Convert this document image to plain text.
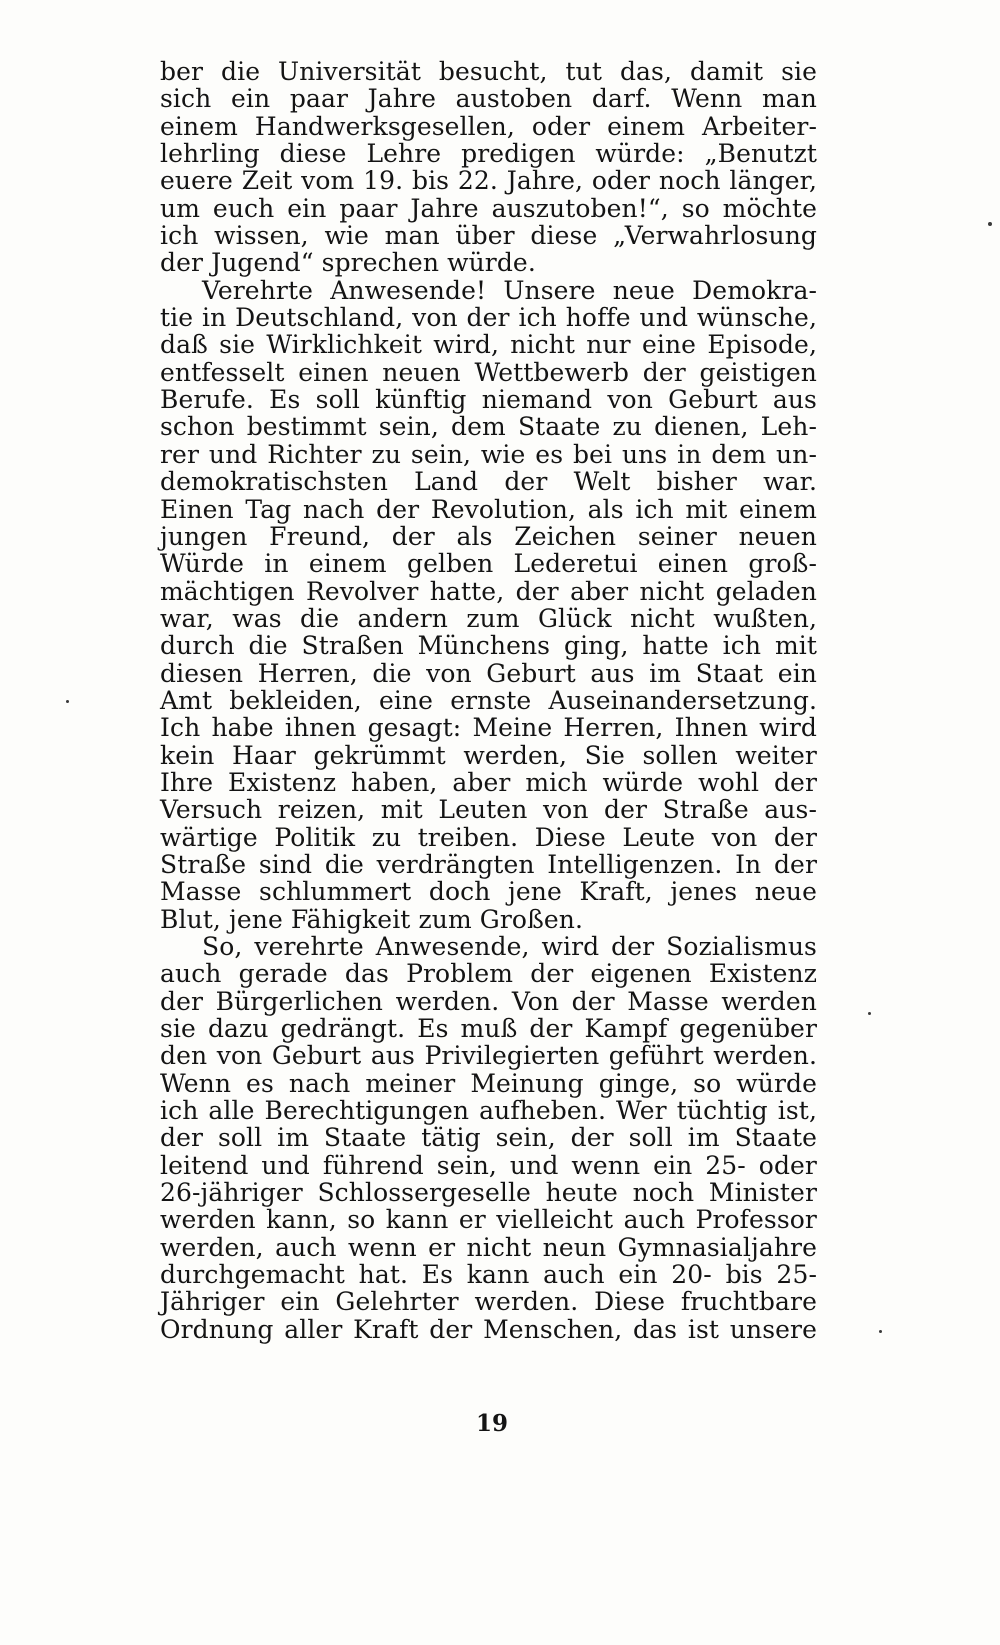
ber die Universität besucht, tut das, damit sie
sich ein paar Jahre austoben darf. Wenn man
einem Handwerksgesellen, oder einem Arbeiter-
lehrling diese Lehre predigen würde: „Benutzt
euere Zeit vom 19. bis 22. Jahre, oder noch länger,
um euch ein paar Jahre auszutoben!“, so möchte
ich wissen, wie man über diese „Verwahrlosung
der Jugend“ sprechen würde.
Verehrte Anwesende! Unsere neue Demokra-
tie in Deutschland, von der ich hoffe und wünsche,
daß sie Wirklichkeit wird, nicht nur eine Episode,
entfesselt einen neuen Wettbewerb der geistigen
Berufe. Es soll künftig niemand von Geburt aus
schon bestimmt sein, dem Staate zu dienen, Leh-
rer und Richter zu sein, wie es bei uns in dem un-
demokratischsten Land der Welt bisher war.
Einen Tag nach der Revolution, als ich mit einem
jungen Freund, der als Zeichen seiner neuen
Würde in einem gelben Lederetui einen groß-
mächtigen Revolver hatte, der aber nicht geladen
war, was die andern zum Glück nicht wußten,
durch die Straßen Münchens ging, hatte ich mit
diesen Herren, die von Geburt aus im Staat ein
Amt bekleiden, eine ernste Auseinandersetzung.
Ich habe ihnen gesagt: Meine Herren, Ihnen wird
kein Haar gekrümmt werden, Sie sollen weiter
Ihre Existenz haben, aber mich würde wohl der
Versuch reizen, mit Leuten von der Straße aus-
wärtige Politik zu treiben. Diese Leute von der
Straße sind die verdrängten Intelligenzen. In der
Masse schlummert doch jene Kraft, jenes neue
Blut, jene Fähigkeit zum Großen.
So, verehrte Anwesende, wird der Sozialismus
auch gerade das Problem der eigenen Existenz
der Bürgerlichen werden. Von der Masse werden
sie dazu gedrängt. Es muß der Kampf gegenüber
den von Geburt aus Privilegierten geführt werden.
Wenn es nach meiner Meinung ginge, so würde
ich alle Berechtigungen aufheben. Wer tüchtig ist,
der soll im Staate tätig sein, der soll im Staate
leitend und führend sein, und wenn ein 25- oder
26-jähriger Schlossergeselle heute noch Minister
werden kann, so kann er vielleicht auch Professor
werden, auch wenn er nicht neun Gymnasialjahre
durchgemacht hat. Es kann auch ein 20- bis 25-
Jähriger ein Gelehrter werden. Diese fruchtbare
Ordnung aller Kraft der Menschen, das ist unsere
19
